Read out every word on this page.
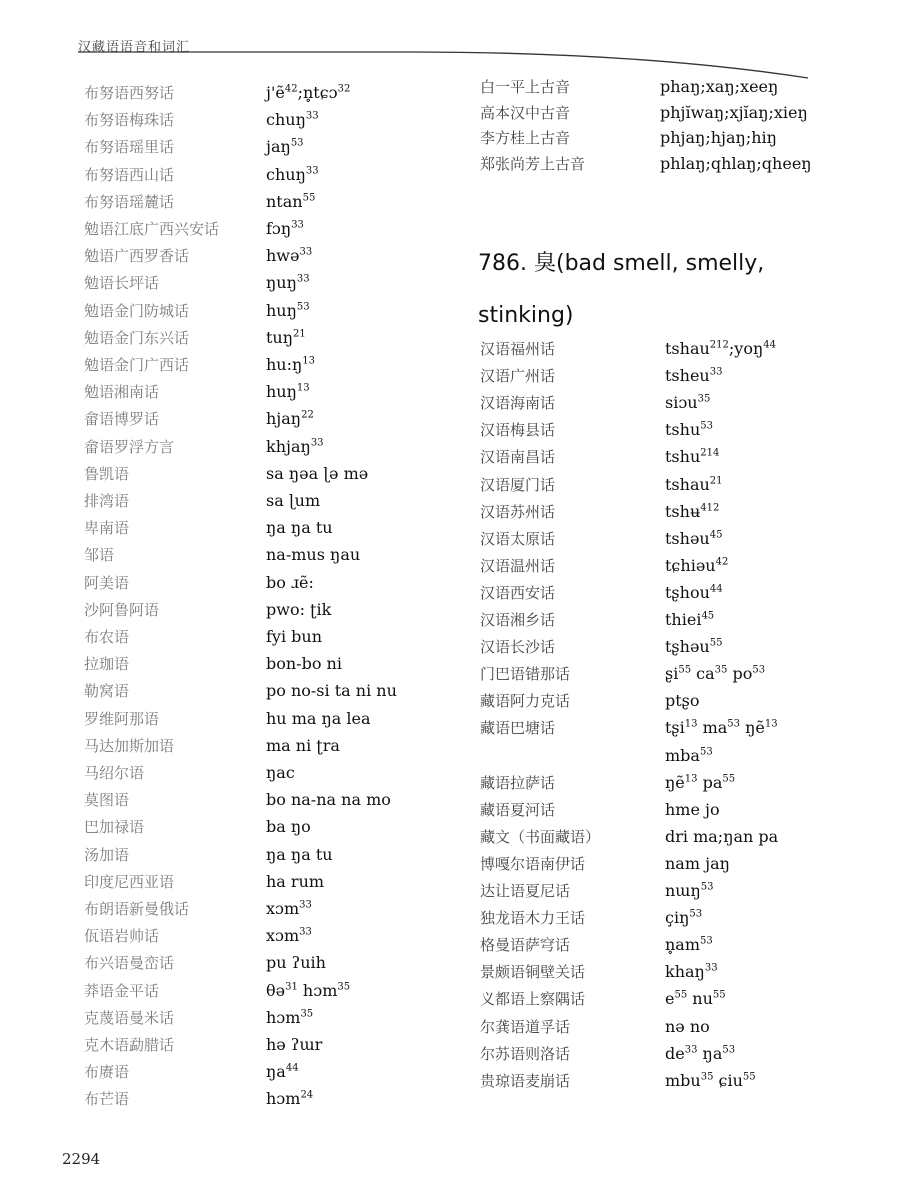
汉藏语语音和词汇
布努语西努话	j'ẽ$^{42}$;n̥tɕɔ$^{32}$
布努语梅珠话	chuŋ$^{33}$
布努语瑶里话	jaŋ$^{53}$
布努语西山话	chuŋ$^{33}$
布努语瑶麓话	ntan$^{55}$
勉语江底广西兴安话	fɔŋ$^{33}$
勉语广西罗香话	hwə$^{33}$
勉语长坪话	ŋuŋ$^{33}$
勉语金门防城话	huŋ$^{53}$
勉语金门东兴话	tuŋ$^{21}$
勉语金门广西话	$hu:ŋ^{13}$
勉语湘南话	huŋ$^{13}$
畲语博罗话	hjaŋ$^{22}$
畲语罗浮方言	khjaŋ$^{33}$
鲁凯语	sa ŋəa ɭə mə
排湾语	sa ɭum
卑南语	ŋa ŋa tu
邹语	na-mus ŋau
阿美语	bo ɹẽ:
沙阿鲁阿语	pwo: ʈik
布农语	fyi bun
拉珈语	bon-bo ni
勒窝语	po no-si ta ni nu
罗维阿那语	hu ma ŋa lea
马达加斯加语	ma ni ʈra
马绍尔语	ŋac
莫图语	bo na-na na mo
巴加禄语	ba ŋo
汤加语	ŋa ŋa tu
印度尼西亚语	ha rum
布朗语新曼俄话	xɔm$^{33}$
佤语岩帅话	xɔm$^{33}$
布兴语曼峦话	pu ʔuih
莽语金平话	θə$^{31}$ hɔm$^{35}$
克蔑语曼米话	hɔm$^{35}$
克木语勐腊话	hə ʔɯr
布赓语	$ŋa^{44}$
布芒语	hɔm$^{24}$
白一平上古音	phaŋ;xaŋ;xeeŋ
高本汉中古音	phjĭwaŋ;xjĭaŋ;xieŋ
李方桂上古音	phjaŋ;hjaŋ;hiŋ
郑张尚芳上古音	phlaŋ;qhlaŋ;qheeŋ
786. 臭(bad smell, smelly, stinking)
汉语福州话	tshau$^{212}$;yoŋ$^{44}$
汉语广州话	tsheu$^{33}$
汉语海南话	siɔu$^{35}$
汉语梅县话	tshu$^{53}$
汉语南昌话	tshu$^{214}$
汉语厦门话	tshau$^{21}$
汉语苏州话	tshʉ$^{412}$
汉语太原话	tshəu$^{45}$
汉语温州话	tɕhiəu$^{42}$
汉语西安话	tʂhou$^{44}$
汉语湘乡话	thiei$^{45}$
汉语长沙话	tʂhəu$^{55}$
门巴语错那话	ʂi$^{55}$ $ca^{35}$ $po^{53}$
藏语阿力克话	ptʂo
藏语巴塘话	tʂi$^{13}$ $ma^{53}$ ŋẽ$^{13}$
mba$^{53}$
藏语拉萨话	ŋẽ$^{13}$ $pa^{55}$
藏语夏河话	hme jo
藏文（书面藏语）	dri ma;ŋan pa
博嘎尔语南伊话	nam jaŋ
达让语夏尼话	nɯŋ$^{53}$
独龙语木力王话	çiŋ$^{53}$
格曼语萨穹话	$n̥am^{53}$
景颇语铜壁关话	khaŋ$^{33}$
义都语上察隅话	$e^{55}$ $nu^{55}$
尔龚语道孚话	nə no
尔苏语则洛话	$de^{33}$ $ŋa^{53}$
贵琼语麦崩话	mbu$^{35}$ ɕiu$^{55}$
2294
